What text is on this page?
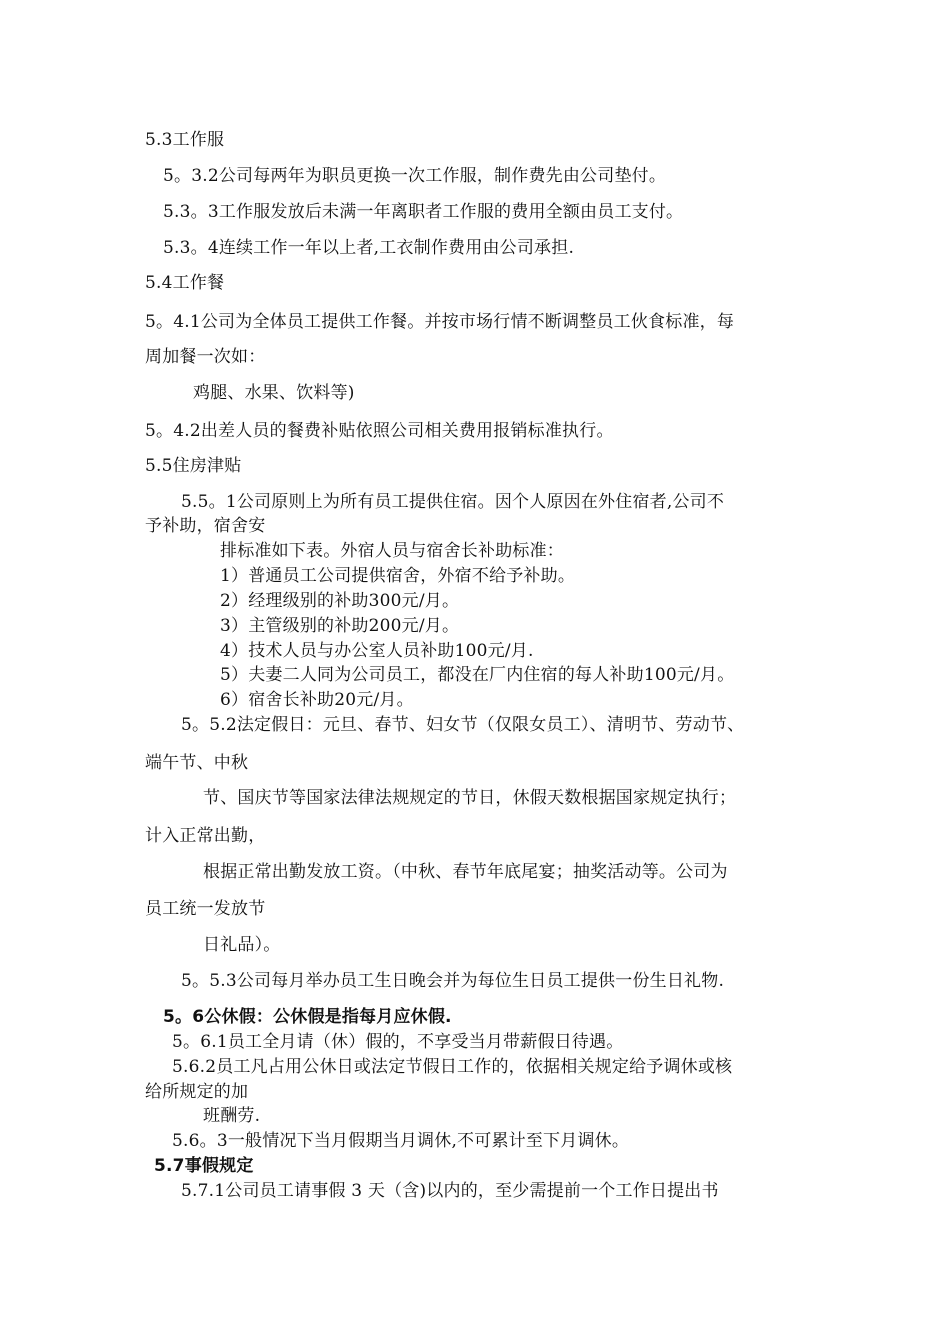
5.3工作服
5。3.2公司每两年为职员更换一次工作服，制作费先由公司垫付。
5.3。3工作服发放后未满一年离职者工作服的费用全额由员工支付。
5.3。4连续工作一年以上者,工衣制作费用由公司承担.
5.4工作餐
5。4.1公司为全体员工提供工作餐。并按市场行情不断调整员工伙食标准，每
周加餐一次如：
鸡腿、水果、饮料等)
5。4.2出差人员的餐费补贴依照公司相关费用报销标准执行。
5.5住房津贴
5.5。1公司原则上为所有员工提供住宿。因个人原因在外住宿者,公司不
予补助，宿舍安
排标准如下表。外宿人员与宿舍长补助标准：
1）普通员工公司提供宿舍，外宿不给予补助。
2）经理级别的补助300元/月。
3）主管级别的补助200元/月。
4）技术人员与办公室人员补助100元/月.
5）夫妻二人同为公司员工，都没在厂内住宿的每人补助100元/月。
6）宿舍长补助20元/月。
5。5.2法定假日：元旦、春节、妇女节（仅限女员工）、清明节、劳动节、
端午节、中秋
节、国庆节等国家法律法规规定的节日，休假天数根据国家规定执行；
计入正常出勤，
根据正常出勤发放工资。（中秋、春节年底尾宴；抽奖活动等。公司为
员工统一发放节
日礼品）。
5。5.3公司每月举办员工生日晚会并为每位生日员工提供一份生日礼物.
5。6公休假：公休假是指每月应休假.
5。6.1员工全月请（休）假的，不享受当月带薪假日待遇。
5.6.2员工凡占用公休日或法定节假日工作的，依据相关规定给予调休或核
给所规定的加
班酬劳.
5.6。3一般情况下当月假期当月调休,不可累计至下月调休。
5.7事假规定
5.7.1公司员工请事假 3 天（含)以内的，至少需提前一个工作日提出书
